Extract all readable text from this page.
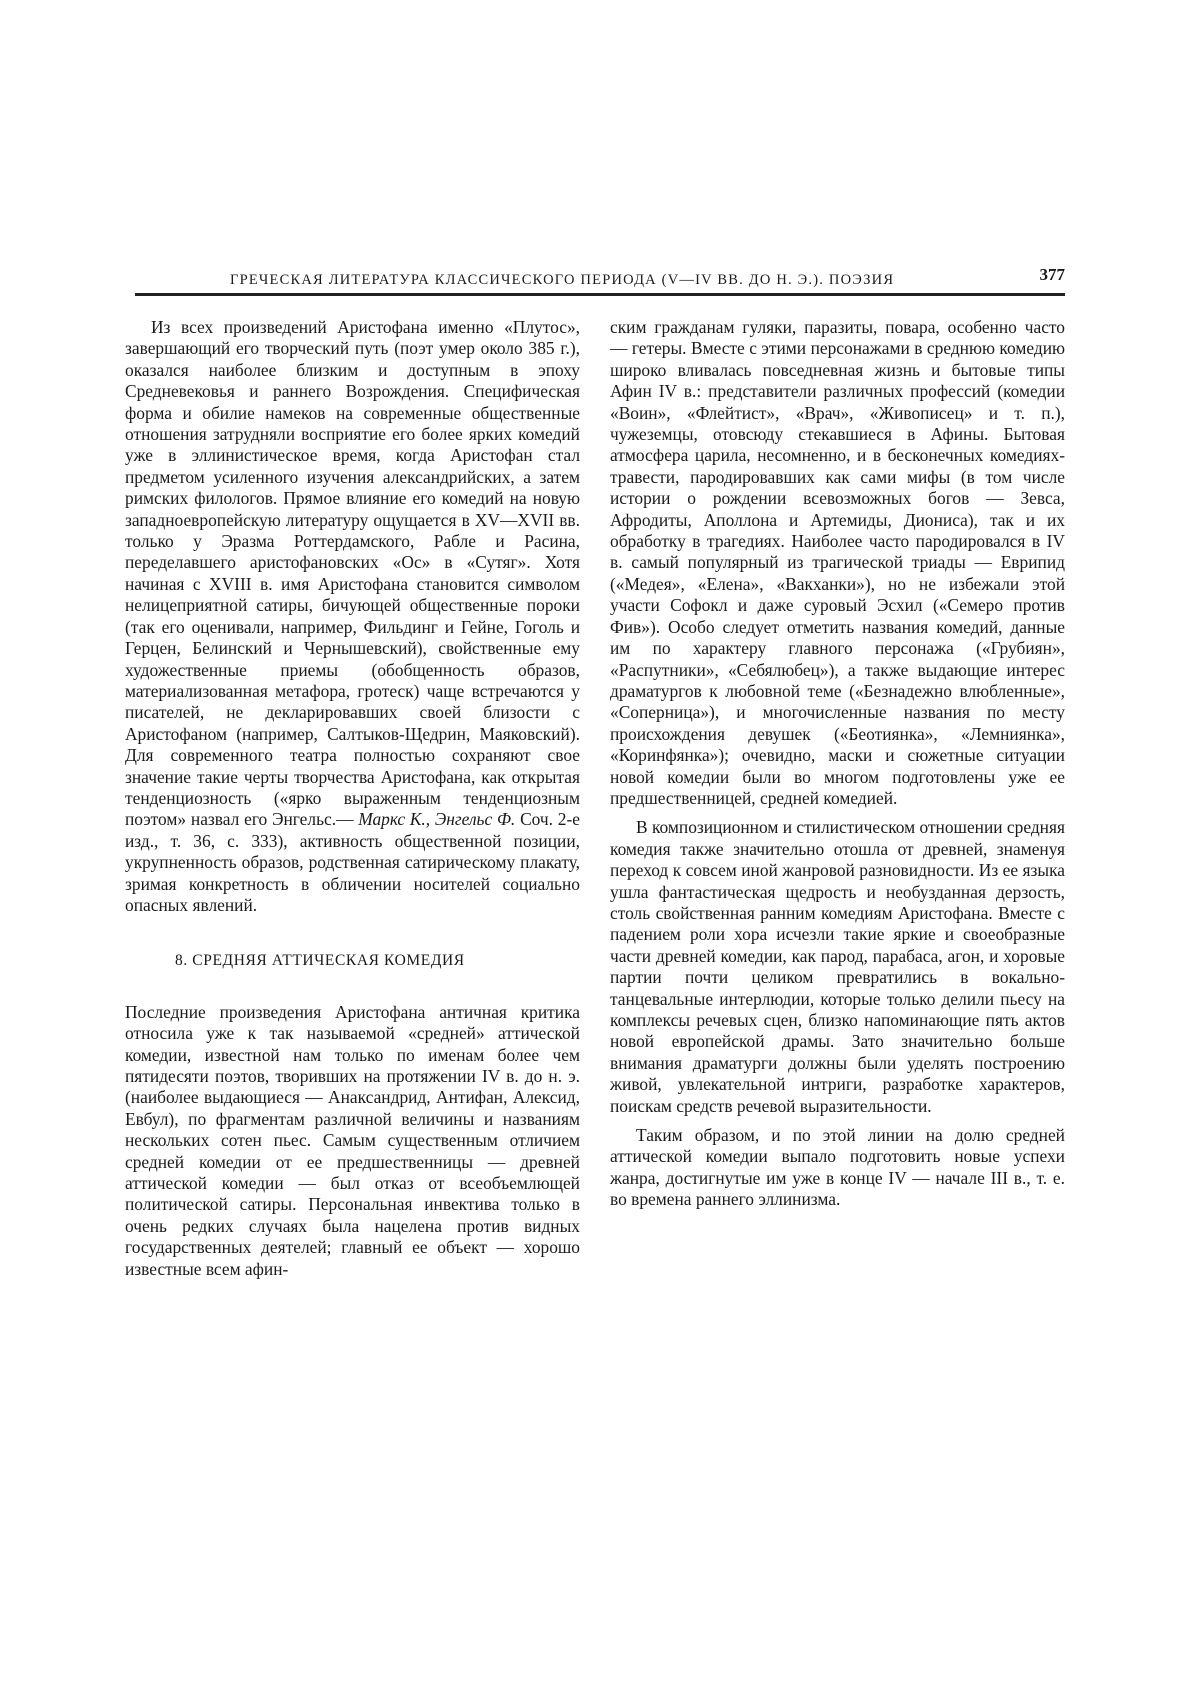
ГРЕЧЕСКАЯ ЛИТЕРАТУРА КЛАССИЧЕСКОГО ПЕРИОДА (V—IV ВВ. ДО Н. Э.). ПОЭЗИЯ	377

Из всех произведений Аристофана именно «Плутос», завершающий его творческий путь (поэт умер около 385 г.), оказался наиболее близким и доступным в эпоху Средневековья и раннего Возрождения. Специфическая форма и обилие намеков на современные общественные отношения затрудняли восприятие его более ярких комедий уже в эллинистическое время, когда Аристофан стал предметом усиленного изучения александрийских, а затем римских филологов. Прямое влияние его комедий на новую западноевропейскую литературу ощущается в XV—XVII вв. только у Эразма Роттердамского, Рабле и Расина, переделавшего аристофановских «Ос» в «Сутяг». Хотя начиная с XVIII в. имя Аристофана становится символом нелицеприятной сатиры, бичующей общественные пороки (так его оценивали, например, Фильдинг и Гейне, Гоголь и Герцен, Белинский и Чернышевский), свойственные ему художественные приемы (обобщенность образов, материализованная метафора, гротеск) чаще встречаются у писателей, не декларировавших своей близости с Аристофаном (например, Салтыков-Щедрин, Маяковский). Для современного театра полностью сохраняют свое значение такие черты творчества Аристофана, как открытая тенденциозность («ярко выраженным тенденциозным поэтом» назвал его Энгельс.— Маркс К., Энгельс Ф. Соч. 2-е изд., т. 36, с. 333), активность общественной позиции, укрупненность образов, родственная сатирическому плакату, зримая конкретность в обличении носителей социально опасных явлений.

8. СРЕДНЯЯ АТТИЧЕСКАЯ КОМЕДИЯ

Последние произведения Аристофана античная критика относила уже к так называемой «средней» аттической комедии, известной нам только по именам более чем пятидесяти поэтов, творивших на протяжении IV в. до н. э. (наиболее выдающиеся — Анаксандрид, Антифан, Алексид, Евбул), по фрагментам различной величины и названиям нескольких сотен пьес. Самым существенным отличием средней комедии от ее предшественницы — древней аттической комедии — был отказ от всеобъемлющей политической сатиры. Персональная инвектива только в очень редких случаях была нацелена против видных государственных деятелей; главный ее объект — хорошо известные всем афин-

ским гражданам гуляки, паразиты, повара, особенно часто — гетеры. Вместе с этими персонажами в среднюю комедию широко вливалась повседневная жизнь и бытовые типы Афин IV в.: представители различных профессий (комедии «Воин», «Флейтист», «Врач», «Живописец» и т. п.), чужеземцы, отовсюду стекавшиеся в Афины. Бытовая атмосфера царила, несомненно, и в бесконечных комедиях-травести, пародировавших как сами мифы (в том числе истории о рождении всевозможных богов — Зевса, Афродиты, Аполлона и Артемиды, Диониса), так и их обработку в трагедиях. Наиболее часто пародировался в IV в. самый популярный из трагической триады — Еврипид («Медея», «Елена», «Вакханки»), но не избежали этой участи Софокл и даже суровый Эсхил («Семеро против Фив»). Особо следует отметить названия комедий, данные им по характеру главного персонажа («Грубиян», «Распутники», «Себялюбец»), а также выдающие интерес драматургов к любовной теме («Безнадежно влюбленные», «Соперница»), и многочисленные названия по месту происхождения девушек («Беотиянка», «Лемниянка», «Коринфянка»); очевидно, маски и сюжетные ситуации новой комедии были во многом подготовлены уже ее предшественницей, средней комедией.

В композиционном и стилистическом отношении средняя комедия также значительно отошла от древней, знаменуя переход к совсем иной жанровой разновидности. Из ее языка ушла фантастическая щедрость и необузданная дерзость, столь свойственная ранним комедиям Аристофана. Вместе с падением роли хора исчезли такие яркие и своеобразные части древней комедии, как парод, парабаса, агон, и хоровые партии почти целиком превратились в вокально-танцевальные интерлюдии, которые только делили пьесу на комплексы речевых сцен, близко напоминающие пять актов новой европейской драмы. Зато значительно больше внимания драматурги должны были уделять построению живой, увлекательной интриги, разработке характеров, поискам средств речевой выразительности.

Таким образом, и по этой линии на долю средней аттической комедии выпало подготовить новые успехи жанра, достигнутые им уже в конце IV — начале III в., т. е. во времена раннего эллинизма.
